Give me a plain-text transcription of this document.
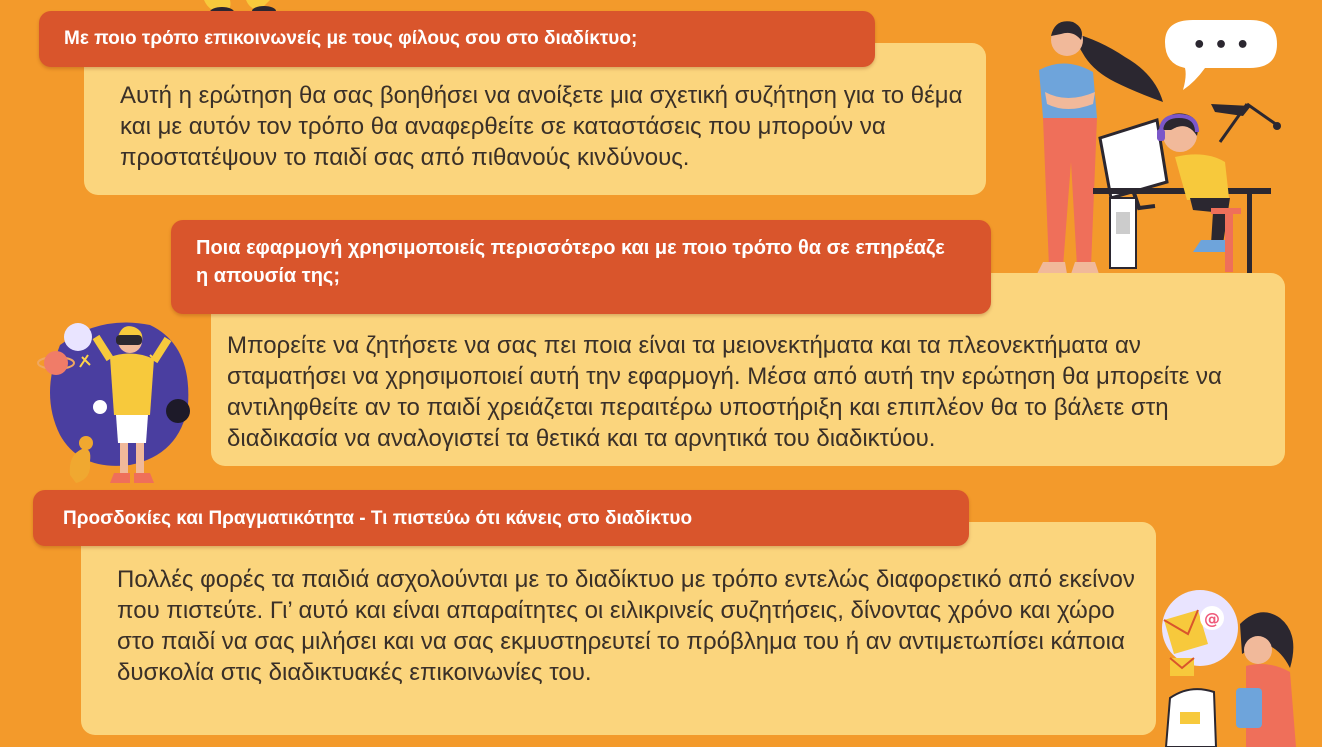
Αυτή η ερώτηση θα σας βοηθήσει να ανοίξετε μια σχετική συζήτηση για το θέμα και με αυτόν τον τρόπο θα αναφερθείτε σε καταστάσεις που μπορούν να προστατέψουν το παιδί σας από πιθανούς κινδύνους.
Με ποιο τρόπο επικοινωνείς με τους φίλους σου στο διαδίκτυο;	• • •
Μπορείτε να ζητήσετε να σας πει ποια είναι τα μειονεκτήματα και τα πλεονεκτήματα αν σταματήσει να χρησιμοποιεί αυτή την εφαρμογή. Μέσα από αυτή την ερώτηση θα μπορείτε να αντιληφθείτε αν το παιδί χρειάζεται περαιτέρω υποστήριξη και επιπλέον θα το βάλετε στη διαδικασία να αναλογιστεί τα θετικά και τα αρνητικά του διαδικτύου.
Ποια εφαρμογή χρησιμοποιείς περισσότερο και με ποιο τρόπο θα σε επηρέαζε η απουσία της;
Πολλές φορές τα παιδιά ασχολούνται με το διαδίκτυο με τρόπο εντελώς διαφορετικό από εκείνον που πιστεύτε. Γι’ αυτό και είναι απαραίτητες οι ειλικρινείς συζητήσεις, δίνοντας χρόνο και χώρο στο παιδί να σας μιλήσει και να σας εκμυστηρευτεί το πρόβλημα του ή αν αντιμετωπίσει κάποια δυσκολία στις διαδικτυακές επικοινωνίες του.
Προσδοκίες και Πραγματικότητα - Τι πιστεύω ότι κάνεις στο διαδίκτυο
@
